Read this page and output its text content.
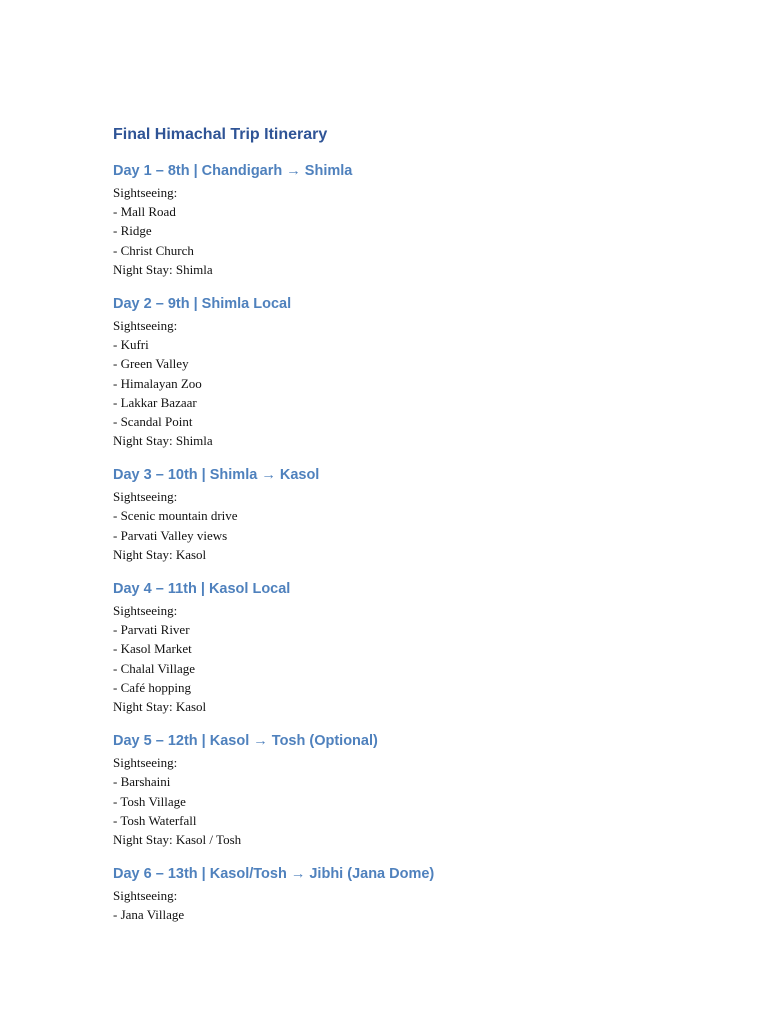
Final Himachal Trip Itinerary
Day 1 – 8th | Chandigarh → Shimla
Sightseeing:
- Mall Road
- Ridge
- Christ Church
Night Stay: Shimla
Day 2 – 9th | Shimla Local
Sightseeing:
- Kufri
- Green Valley
- Himalayan Zoo
- Lakkar Bazaar
- Scandal Point
Night Stay: Shimla
Day 3 – 10th | Shimla → Kasol
Sightseeing:
- Scenic mountain drive
- Parvati Valley views
Night Stay: Kasol
Day 4 – 11th | Kasol Local
Sightseeing:
- Parvati River
- Kasol Market
- Chalal Village
- Café hopping
Night Stay: Kasol
Day 5 – 12th | Kasol → Tosh (Optional)
Sightseeing:
- Barshaini
- Tosh Village
- Tosh Waterfall
Night Stay: Kasol / Tosh
Day 6 – 13th | Kasol/Tosh → Jibhi (Jana Dome)
Sightseeing:
- Jana Village
